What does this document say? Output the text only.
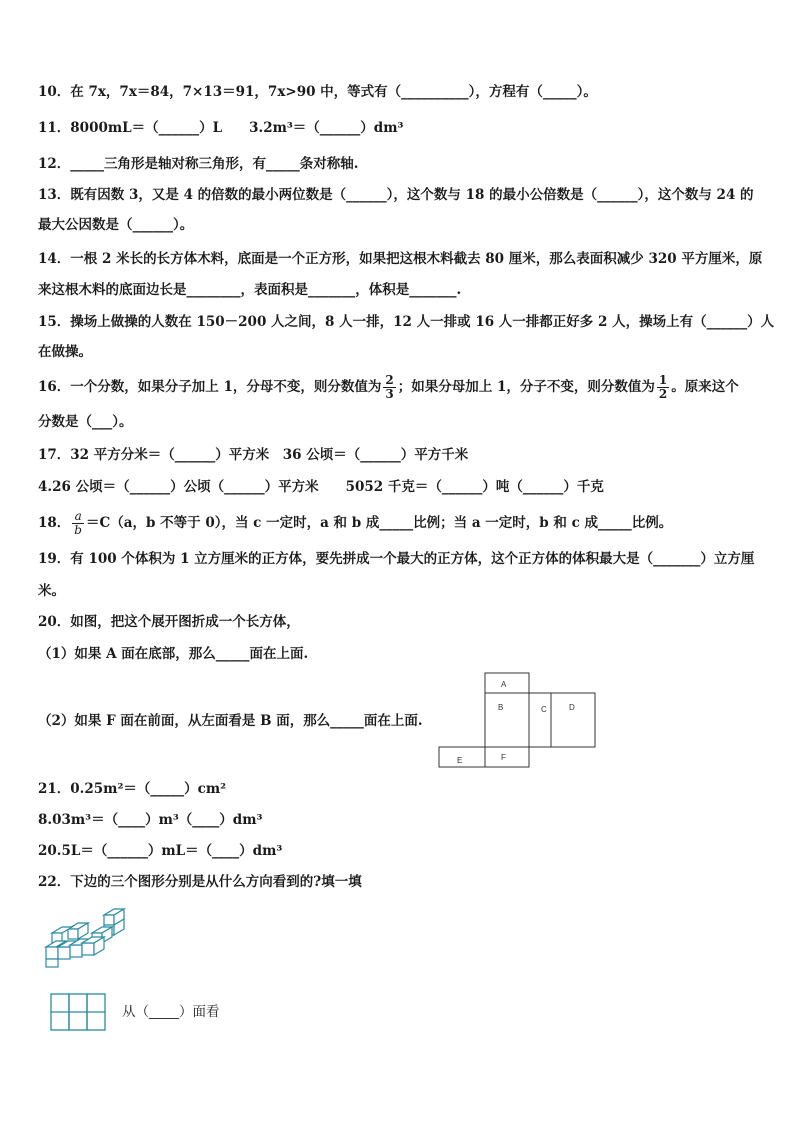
10．在 7x，7x＝84，7×13＝91，7x>90 中，等式有（__________），方程有（_____）。
11．8000mL＝（______）L　　3.2m³＝（______）dm³
12．_____三角形是轴对称三角形，有_____条对称轴.
13．既有因数 3，又是 4 的倍数的最小两位数是（______），这个数与 18 的最小公倍数是（______），这个数与 24 的
最大公因数是（______）。
14．一根 2 米长的长方体木料，底面是一个正方形，如果把这根木料截去 80 厘米，那么表面积减少 320 平方厘米，原
来这根木料的底面边长是________，表面积是_______，体积是_______.
15．操场上做操的人数在 150－200 人之间，8 人一排，12 人一排或 16 人一排都正好多 2 人，操场上有（______）人
在做操。
16．一个分数，如果分子加上 1，分母不变，则分数值为 $\frac{2}{3}$ ；如果分母加上 1，分子不变，则分数值为 $\frac{1}{2}$ 。原来这个
分数是（___）。
17．32 平方分米＝（______）平方米　36 公顷＝（______）平方千米
4.26 公顷＝（______）公顷（______）平方米　　5052 千克＝（______）吨（______）千克
18． $\frac{a}{b} =C(a$，b 不等于 0），当 c 一定时，a 和 b 成_____比例；当 a 一定时，b 和 c 成_____比例。
19．有 100 个体积为 1 立方厘米的正方体，要先拼成一个最大的正方体，这个正方体的体积最大是（_______）立方厘
米。
20．如图，把这个展开图折成一个长方体，
（1）如果 A 面在底部，那么_____面在上面.
（2）如果 F 面在前面，从左面看是 B 面，那么_____面在上面.
A
B	C	D
E	F
21．0.25m²＝（_____）cm²
8.03m³＝（____）m³（____）dm³
20.5L＝（______）mL＝（____）dm³
22．下边的三个图形分别是从什么方向看到的?填一填
从（____）面看
